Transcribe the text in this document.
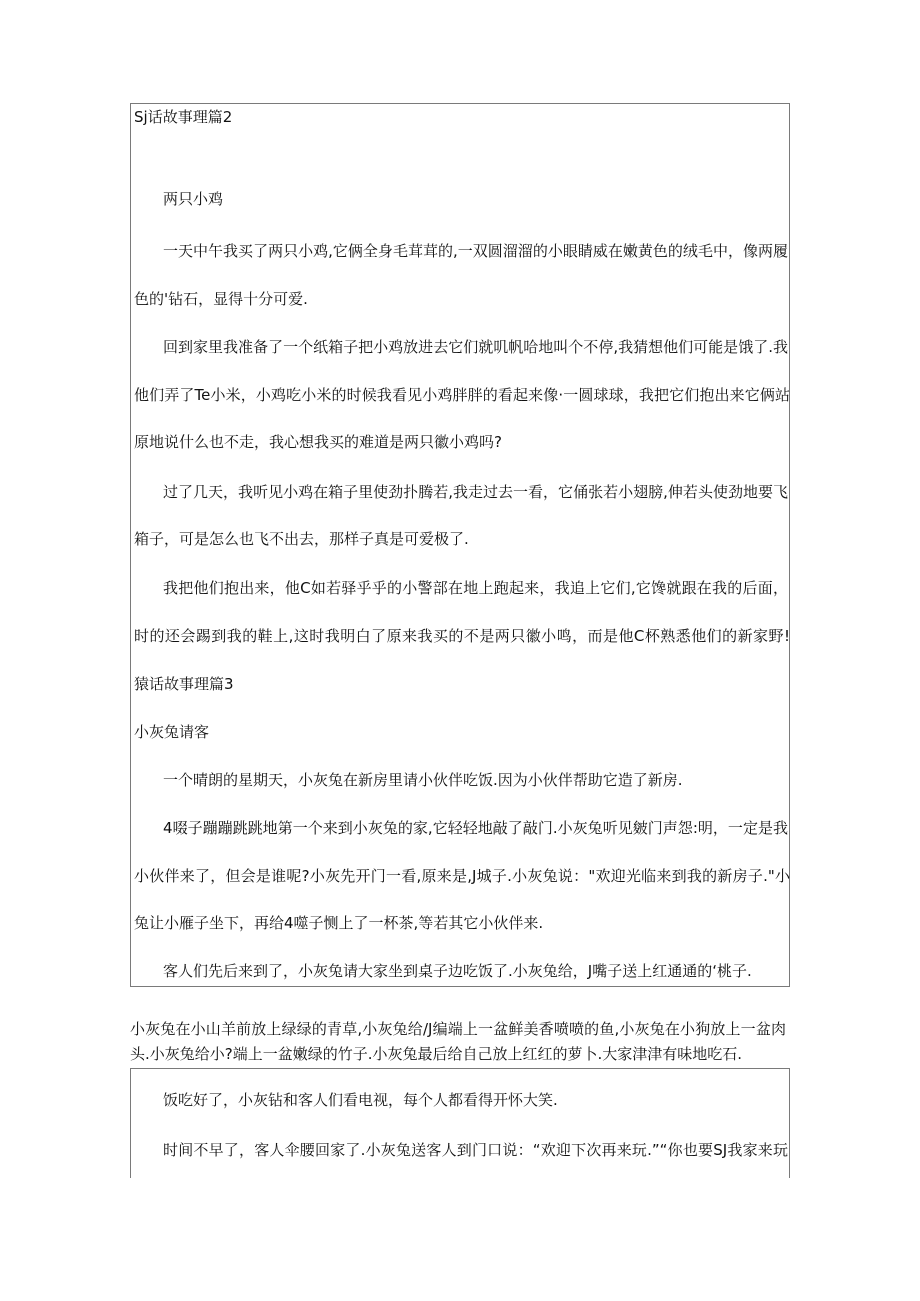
Sj话故事理篇2
两只小鸡
一天中午我买了两只小鸡,它俩全身毛茸茸的,一双圆溜溜的小眼睛威在嫩黄色的绒毛中，像两履
色的'钻石，显得十分可爱.
回到家里我准备了一个纸箱子把小鸡放进去它们就叽帆哈地叫个不停,我猜想他们可能是饿了.我
他们弄了Te小米，小鸡吃小米的时候我看见小鸡胖胖的看起来像·一圆球球，我把它们抱出来它俩站
原地说什么也不走，我心想我买的难道是两只徽小鸡吗?
过了几天，我听见小鸡在箱子里使劲扑腾若,我走过去一看，它俑张若小翅膀,伸若头使劲地要飞
箱子，可是怎么也飞不出去，那样子真是可爱极了.
我把他们抱出来，他C如若驿乎乎的小警部在地上跑起来，我追上它们,它馋就跟在我的后面，
时的还会踢到我的鞋上,这时我明白了原来我买的不是两只徽小鸣，而是他C杯熟悉他们的新家野!
猿话故事理篇3
小灰兔请客
一个晴朗的星期天，小灰兔在新房里请小伙伴吃饭.因为小伙伴帮助它造了新房.
4啜子蹦蹦跳跳地第一个来到小灰兔的家,它轻轻地敲了敲门.小灰兔听见皴门声怨:明，一定是我
小伙伴来了，但会是谁呢?小灰先开门一看,原来是,J城子.小灰兔说："欢迎光临来到我的新房子."小
兔让小雁子坐下，再给4噬子恻上了一杯茶,等若其它小伙伴来.
客人们先后来到了，小灰兔请大家坐到桌子边吃饭了.小灰兔给，J嘴子送上红通通的‘桃子.
小灰兔在小山羊前放上绿绿的青草,小灰兔给/J编端上一盆鲜美香喷喷的鱼,小灰兔在小狗放上一盆肉
头.小灰兔给小?端上一盆嫩绿的竹子.小灰兔最后给自己放上红红的萝卜.大家津津有味地吃石.
饭吃好了，小灰钻和客人们看电视，每个人都看得开怀大笑.
时间不早了，客人伞腰回家了.小灰兔送客人到门口说：“欢迎下次再来玩.”“你也要SJ我家来玩
